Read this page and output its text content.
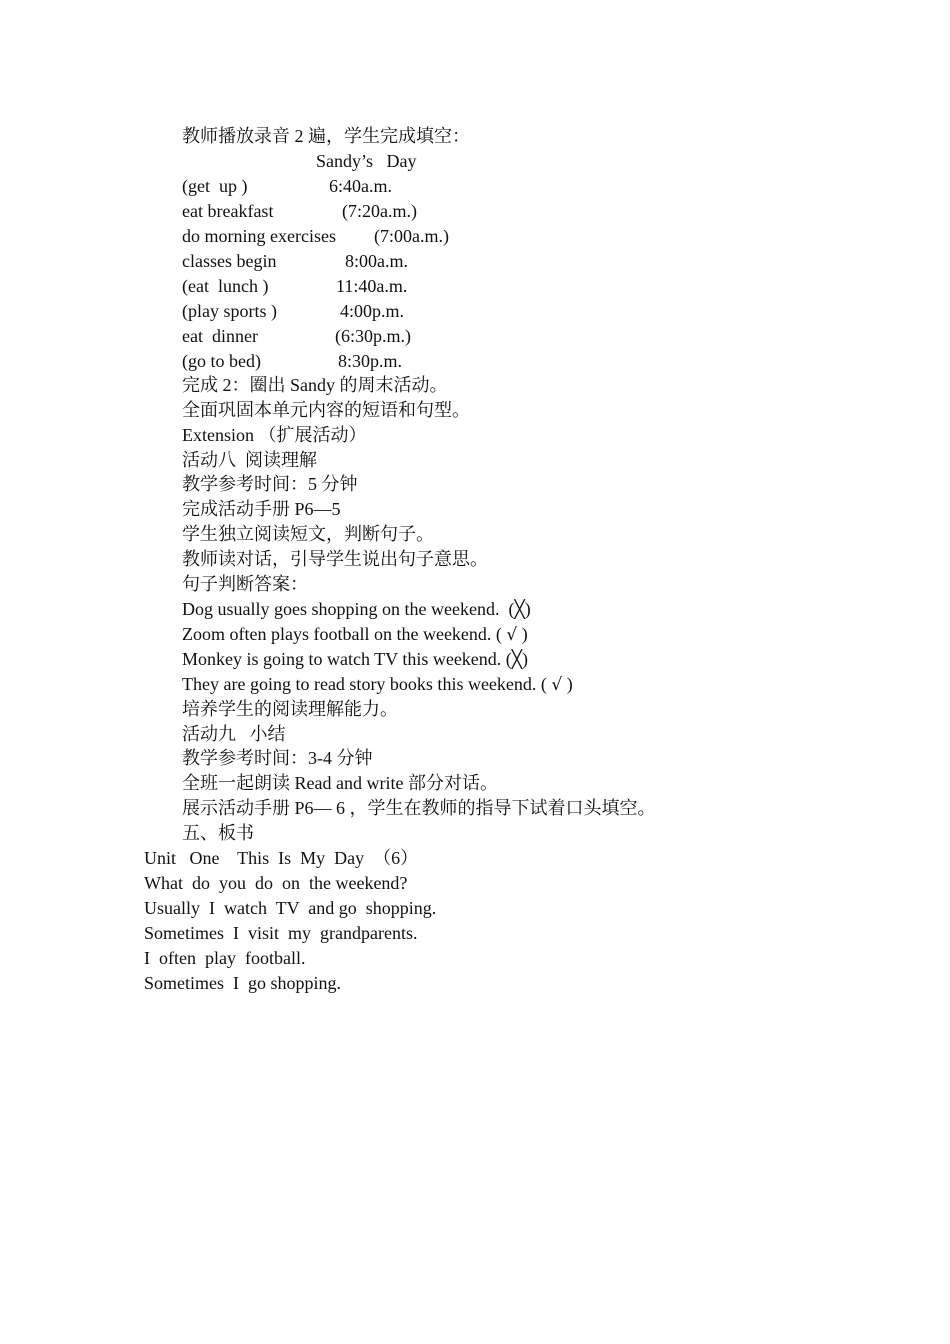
教师播放录音 2 遍，学生完成填空：
Sandy’s   Day
(get  up )	6:40a.m.
eat breakfast	(7:20a.m.)
do morning exercises (7:00a.m.)
classes begin	8:00a.m.
(eat  lunch )	11:40a.m.
(play sports )	4:00p.m.
eat  dinner	(6:30p.m.)
(go to bed)	8:30p.m.
完成 2：圈出 Sandy 的周末活动。
全面巩固本单元内容的短语和句型。
Extension （扩展活动）
活动八  阅读理解
教学参考时间：5 分钟
完成活动手册 P6—5
学生独立阅读短文，判断句子。
教师读对话，引导学生说出句子意思。
句子判断答案：
Dog usually goes shopping on the weekend.  (╳)
Zoom often plays football on the weekend. ( √ )
Monkey is going to watch TV this weekend. (╳)
They are going to read story books this weekend. ( √ )
培养学生的阅读理解能力。
活动九   小结
教学参考时间：3-4 分钟
全班一起朗读 Read and write 部分对话。
展示活动手册 P6— 6 ，学生在教师的指导下试着口头填空。
五、板书
Unit   One    This  Is  My  Day  （6）
What  do  you  do  on  the weekend?
Usually  I  watch  TV  and go  shopping.
Sometimes  I  visit  my  grandparents.
I  often  play  football.
Sometimes  I  go shopping.
